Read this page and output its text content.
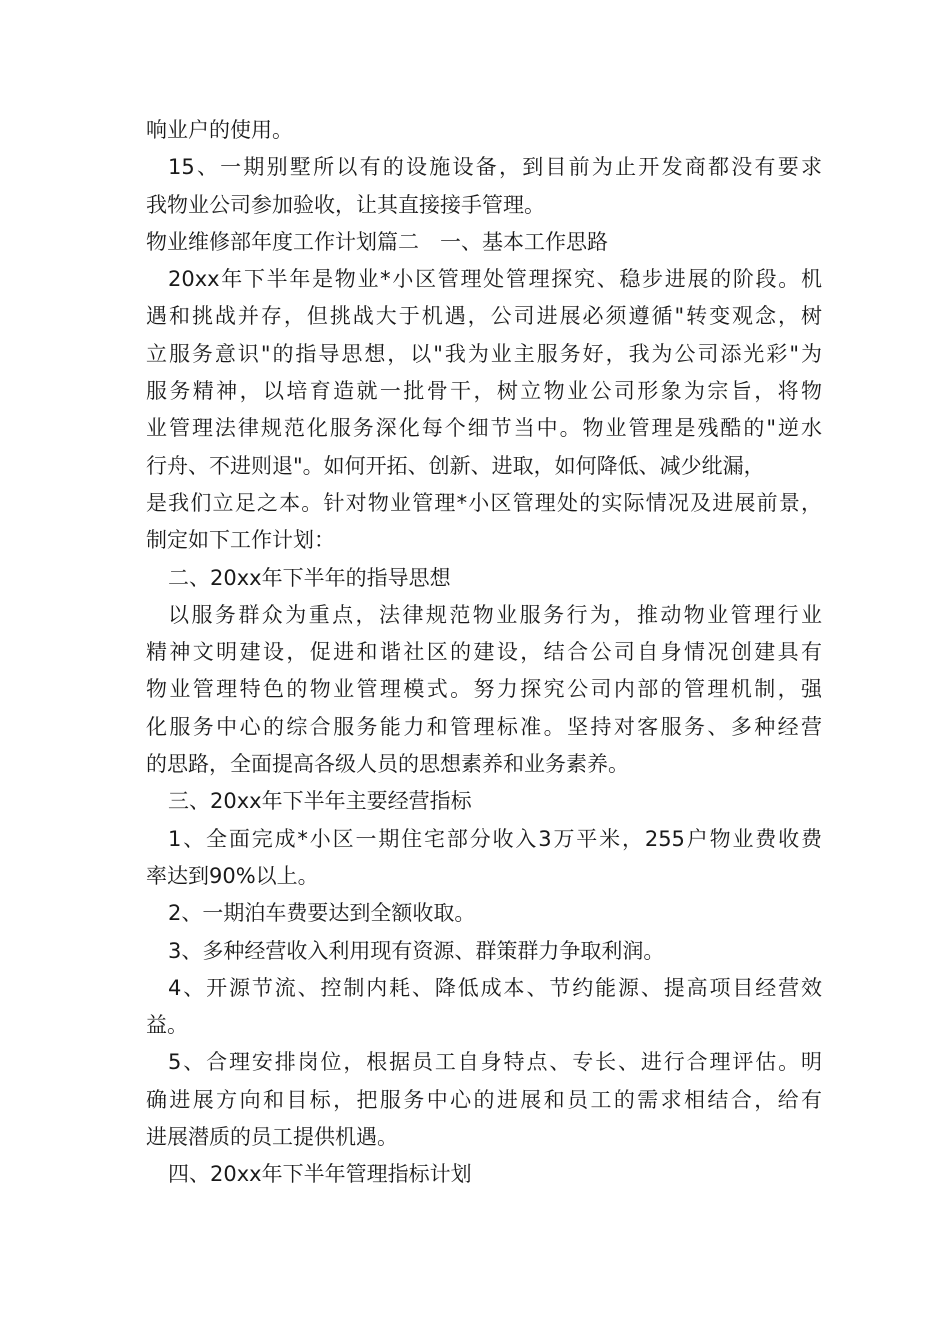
响业户的使用。
15、一期别墅所以有的设施设备，到目前为止开发商都没有要求
我物业公司参加验收，让其直接接手管理。
物业维修部年度工作计划篇二　一、基本工作思路
20xx年下半年是物业*小区管理处管理探究、稳步进展的阶段。机
遇和挑战并存，但挑战大于机遇，公司进展必须遵循"转变观念，树
立服务意识"的指导思想，以"我为业主服务好，我为公司添光彩"为
服务精神，以培育造就一批骨干，树立物业公司形象为宗旨，将物
业管理法律规范化服务深化每个细节当中。物业管理是残酷的"逆水
行舟、不进则退"。如何开拓、创新、进取，如何降低、减少纰漏，
是我们立足之本。针对物业管理*小区管理处的实际情况及进展前景，
制定如下工作计划：
二、20xx年下半年的指导思想
以服务群众为重点，法律规范物业服务行为，推动物业管理行业
精神文明建设，促进和谐社区的建设，结合公司自身情况创建具有
物业管理特色的物业管理模式。努力探究公司内部的管理机制，强
化服务中心的综合服务能力和管理标准。坚持对客服务、多种经营
的思路，全面提高各级人员的思想素养和业务素养。
三、20xx年下半年主要经营指标
1、全面完成*小区一期住宅部分收入3万平米，255户物业费收费
率达到90%以上。
2、一期泊车费要达到全额收取。
3、多种经营收入利用现有资源、群策群力争取利润。
4、开源节流、控制内耗、降低成本、节约能源、提高项目经营效
益。
5、合理安排岗位，根据员工自身特点、专长、进行合理评估。明
确进展方向和目标，把服务中心的进展和员工的需求相结合，给有
进展潜质的员工提供机遇。
四、20xx年下半年管理指标计划
